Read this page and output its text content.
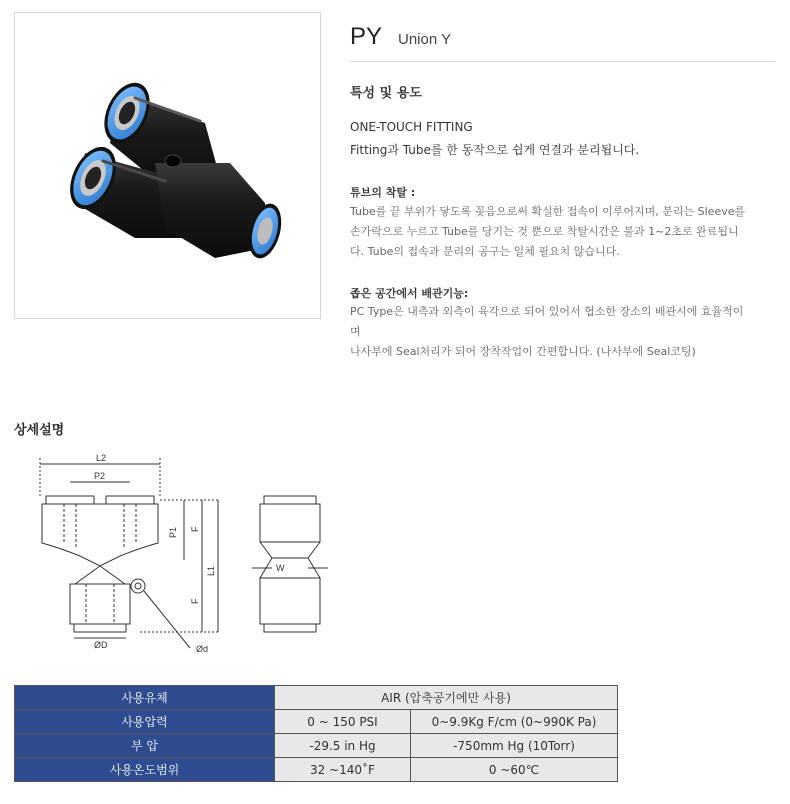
PY Union Y
특성 및 용도
ONE-TOUCH FITTING
Fitting과 Tube를 한 동작으로 쉽게 연결과 분리됩니다.
튜브의 착탈 :
Tube를 끝 부위가 닿도록 꽂음으로써 확실한 접속이 이루어지며, 분리는 Sleeve를
손가락으로 누르고 Tube를 당기는 것 뿐으로 착탈시간은 불과 1~2초로 완료됩니
다. Tube의 접속과 분리의 공구는 일체 필요치 않습니다.
좁은 공간에서 배관기능:
PC Type은 내측과 외측이 육각으로 되어 있어서 협소한 장소의 배관시에 효율적이
며
나사부에 Seal처리가 되어 장착작업이 간편합니다. (나사부에 Seal코팅)
상세설명
L2
P2
Ød
ØD
P1 F
F
L1	W
사용유체	AIR (압축공기에만 사용)	
사용압력	0 ~ 150 PSI	0~9.9Kg F/cm (0~990K Pa)
부 압	-29.5 in Hg	-750mm Hg (10Torr)
사용온도범위	32 ~140˚F	0 ~60℃
